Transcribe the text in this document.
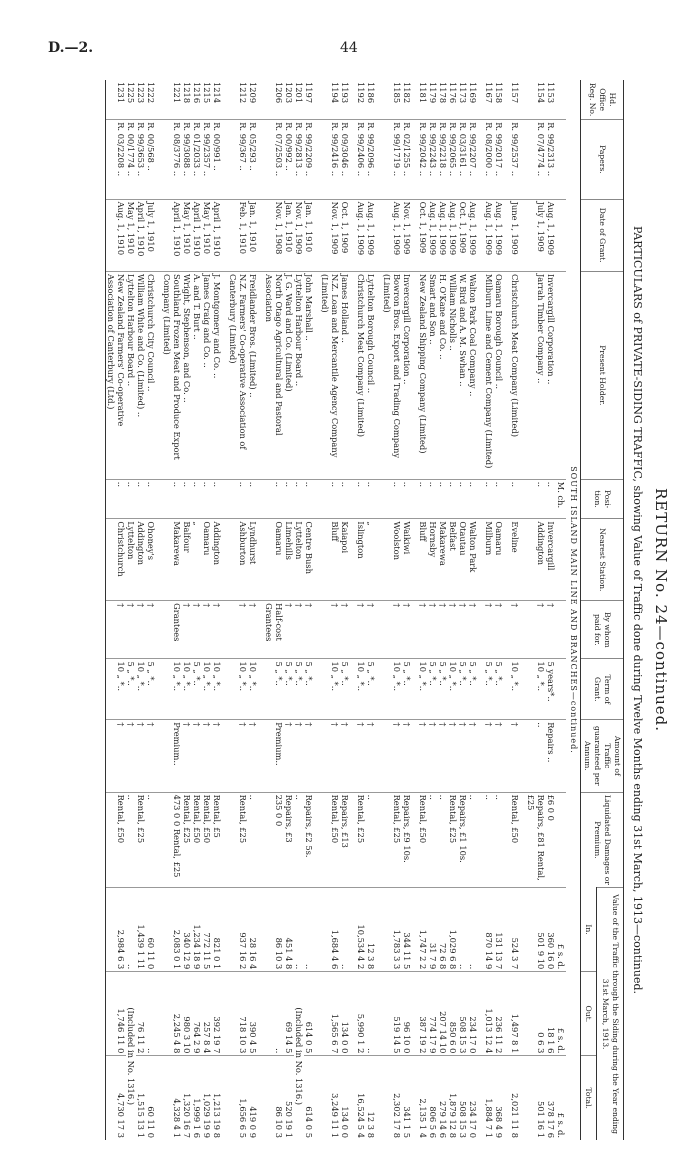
D.—2.	44
RETURN No. 24—continued.
PARTICULARS of PRIVATE-SIDING TRAFFIC, showing Value of Traffic done during Twelve Months ending 31st March, 1913—continued.
Hd. Office Reg. No.	Papers.	Date of Grant.	Present Holder.	Posi-tion.	Nearest Station.	By whom paid for.	Term of Grant.	Amount of Traffic guaranteed per Annum.	Liquidated Damages or Premium.	Value of the Traffic through the Siding during the Year ending 31st March, 1913.		
										In.	Out.	Total.
SOUTH ISLAND MAIN LINE AND BRANCHES—continued.												
				M. ch.						£ s. d.	£ s. d.	£ s. d.
1153	R. 99/2313 ..	Aug. 1, 1909	Invercargill Corporation ..	..	Invercargill	†	5 years*..	Repairs ..	£6 0 0	360 16 0	18 1 6	378 17 6
1154	R. 07/4774 ..	July 1, 1909	Jarrah Timber Company ..	..	Addington	†	10 „ *..	..	Repairs, £81 Rental, £25	501 9 10	0 6 3	501 16 1

1157	R. 99/2537 ..	June 1, 1909	Christchurch Meat Company (Limited)	..	Eveline	†	10 „ *..	†	Rental, £50	524 3 7	1,497 8 1	2,021 11 8

1158	R. 99/2017 ..	Aug. 1, 1909	Oamaru Borough Council ..	..	Oamaru	†	5 „ *..	†	..	131 13 7	236 11 2	368 4 9
1167	R. 08/2000 ..	Aug. 1, 1909	Milburn Lime and Cement Company (Limited)	..	Milburn	†	5 „ *..	†	..	870 14 9	1,013 12 4	1,884 7 1

1169	R. 99/2207 ..	Aug. 1, 1909	Walton Park Coal Company ..	..	Walton Park	†	5 „ *..	†	..	..	234 17 0	234 17 0
1173	R. 03/3161 ..	Oct. 1, 1909	W. Bird and A. M. Swhan ..	..	Otautau	†	5 „ *..	†	Repairs, £1 10s.	..	508 15 3	508 15 3
1176	R. 99/2065 ..	Aug. 1, 1909	William Nicholls ..	..	Belfast	†	10 „ *..	†	Rental, £25	1,029 6 8	850 6 0	1,879 12 8
1178	R. 99/2218 ..	Aug. 1, 1909	H. O'Kane and Co. ..	..	Makarewa	†	5 „ *..	†	..	72 6 8	207 14 10	279 14 6
1179	R. 99/2243 ..	Aug. 1, 1909	Smart and Son ..	..	Hornsby	†	5 „ *..	†	..	31 7 9	774 17 9	806 5 6
1181	R. 99/2042 ..	Oct. 1, 1909	New Zealand Shipping Company (Limited)	..	Bluff	†	10 „ *..	†	Rental, £50	1,747 2 2	387 19 2	2,135 1 4

1182	R. 02/1255 ..	Nov. 1, 1909	Invercargill Corporation ..	..	Waikiwi	†	5 „ *..	†	Repairs, £9 10s.	344 11 5	96 10 0	341 1 5
1185	R. 99/1719 ..	Aug. 1, 1909	Bowron Bros. Export and Trading Company (Limited)	..	Woolston	†	10 „ *..	†	Rental, £25	1,783 3 3	519 14 5	2,302 17 8

1186	R. 99/2096 ..	Aug. 1, 1909	Lyttelton Borough Council ..	..	„	†	5 „ *..	†	..	12 3 8	..	12 3 8
1192	R. 99/2406 ..	Aug. 1, 1909	Christchurch Meat Company (Limited)	..	Islington	†	10 „ *..	†	Rental, £25	10,534 4 2	5,990 1 2	16,524 5 4

1193	R. 09/3046 ..	Oct. 1, 1909	James Holland ..	..	Kaiapoi	†	5 „ *..	†	Repairs, £13	..	134 0 0	134 0 0
1194	R. 99/2416 ..	Nov. 1, 1909	N.Z. Loan and Mercantile Agency Company (Limited)	..	Bluff	†	10 „ *..	†	Rental, £50	1,684 4 6	1,565 6 7	3,249 11 1

1197	R. 99/2209 ..	Jan. 1, 1910	John Marshall ..	..	Centre Bush	†	5 „ *..	†	Repairs, £2 5s.	..	614 0 5	614 0 5
1201	R. 99/2813 ..	Nov. 1, 1909	Lyttelton Harbour Board ..	..	Lyttelton	†	5 „ *..	†	..	..	(Included in No. 1316.)	
1203	R. 00/992 ..	Jan. 1, 1910	J. G. Ward and Co. (Limited)	..	Limehills	†	5 „ *..	†	Repairs, £3	451 4 8	69 14 5	520 19 1
1206	R. 07/2503 ..	Nov. 1, 1908	North Otago Agricultural and Pastoral Association	..	Oamaru	Half-cost Grantees	5 „ *..	Premium..	235 0 0	86 10 3	..	86 10 3

1209	R. 05/293 ..	Jan. 1, 1910	Freidlander Bros. (Limited) ..	..	Lyndhurst	†	10 „ *..	†	..	28 16 4	390 4 5	419 0 9
1212	R. 99/367 ..	Feb. 1, 1910	N.Z. Farmers' Co-operative Association of Canterbury (Limited)	..	Ashburton	†	10 „ *..	†	Rental, £25	937 16 2	718 10 3	1,656 6 5

1214	R. 00/991 ..	April 1, 1910	J. Montgomery and Co. ..	..	Addington	†	10 „ *..	†	Rental, £5	821 0 1	392 19 7	1,213 19 8
1215	R. 99/2357 ..	May 1, 1910	James Craig and Co. ..	..	Oamaru	†	10 „ *..	†	Rental, £50	772 11 5	257 8 4	1,029 19 9
1216	R. 01/2033 ..	April 1, 1910	A. and T. Burt ..	..	„	†	5 „ *..	†	Rental, £50	1,234 18 9	764 2 9	1,999 1 6
1218	R. 99/3088 ..	May 1, 1910	Wright, Stephenson, and Co. ..	..	Balfour	†	10 „ *..	†	Rental, £25	340 12 9	980 3 10	1,320 16 7
1221	R. 08/3776 ..	April 1, 1910	Southland Frozen Meat and Produce Export Company (Limited)	..	Makarewa	Grantees	10 „ *..	Premium..	473 0 0 Rental, £25	2,083 0 1	2,245 4 8	4,328 4 1

1222	R. 00/568 ..	July 1, 1910	Christchurch City Council ..	..	Ohoney's	†	5 „ *..	†	..	60 11 0	..	60 11 0
1223	R. 99/3653 ..	April 1, 1910	William White and Co. (Limited) ..	..	Addington	†	10 „ *..	†	Rental, £25	1,439 1 11	76 11 2	1,515 13 1
1225	R. 00/1774 ..	May 1, 1910	Lyttelton Harbour Board ..	..	Lyttelton	†	5 „ *..	†	..	..	(Included in No. 1316.)	
1231	R. 03/2208 ..	Aug. 1, 1910	New Zealand Farmers' Co-operative Association of Canterbury (Ltd.)	..	Christchurch	†	10 „ *..	†	Rental, £50	2,984 6 3	1,746 11 0	4,730 17 3
